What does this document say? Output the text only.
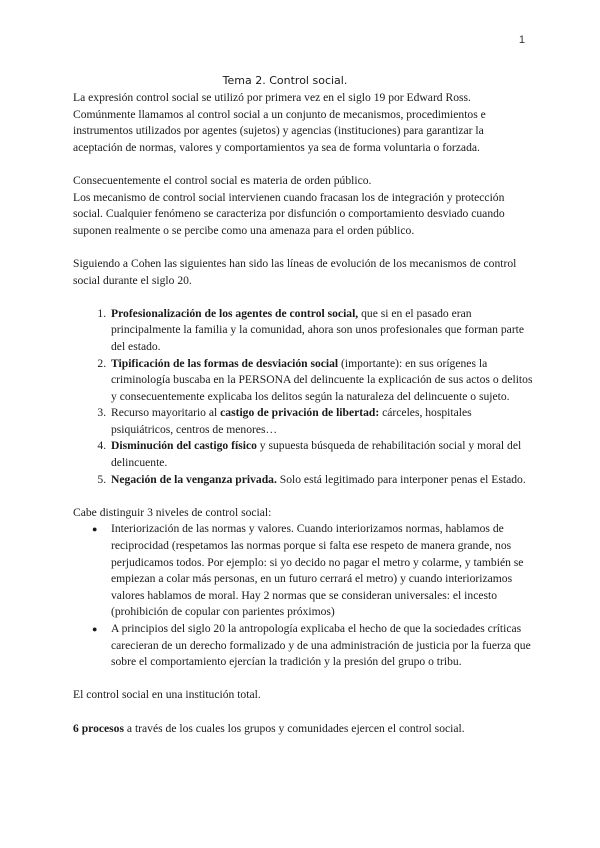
1
Tema 2. Control social.

La expresión control social se utilizó por primera vez en el siglo 19 por Edward Ross. Comúnmente llamamos al control social a un conjunto de mecanismos, procedimientos e instrumentos utilizados por agentes (sujetos) y agencias (instituciones) para garantizar la aceptación de normas, valores y comportamientos ya sea de forma voluntaria o forzada.

Consecuentemente el control social es materia de orden público.

Los mecanismo de control social intervienen cuando fracasan los de integración y protección social. Cualquier fenómeno se caracteriza por disfunción o comportamiento desviado cuando suponen realmente o se percibe como una amenaza para el orden público.

Siguiendo a Cohen las siguientes han sido las líneas de evolución de los mecanismos de control social durante el siglo 20.

1. Profesionalización de los agentes de control social, que si en el pasado eran principalmente la familia y la comunidad, ahora son unos profesionales que forman parte del estado.
2. Tipificación de las formas de desviación social (importante): en sus orígenes la criminología buscaba en la PERSONA del delincuente la explicación de sus actos o delitos y consecuentemente explicaba los delitos según la naturaleza del delincuente o sujeto.
3. Recurso mayoritario al castigo de privación de libertad: cárceles, hospitales psiquiátricos, centros de menores…
4. Disminución del castigo físico y supuesta búsqueda de rehabilitación social y moral del delincuente.
5. Negación de la venganza privada. Solo está legitimado para interponer penas el Estado.

Cabe distinguir 3 niveles de control social:

● Interiorización de las normas y valores. Cuando interiorizamos normas, hablamos de reciprocidad (respetamos las normas porque si falta ese respeto de manera grande, nos perjudicamos todos. Por ejemplo: si yo decido no pagar el metro y colarme, y también se empiezan a colar más personas, en un futuro cerrará el metro) y cuando interiorizamos valores hablamos de moral. Hay 2 normas que se consideran universales: el incesto (prohibición de copular con parientes próximos)
● A principios del siglo 20 la antropología explicaba el hecho de que la sociedades críticas carecieran de un derecho formalizado y de una administración de justicia por la fuerza que sobre el comportamiento ejercían la tradición y la presión del grupo o tribu.

El control social en una institución total.

6 procesos a través de los cuales los grupos y comunidades ejercen el control social.
